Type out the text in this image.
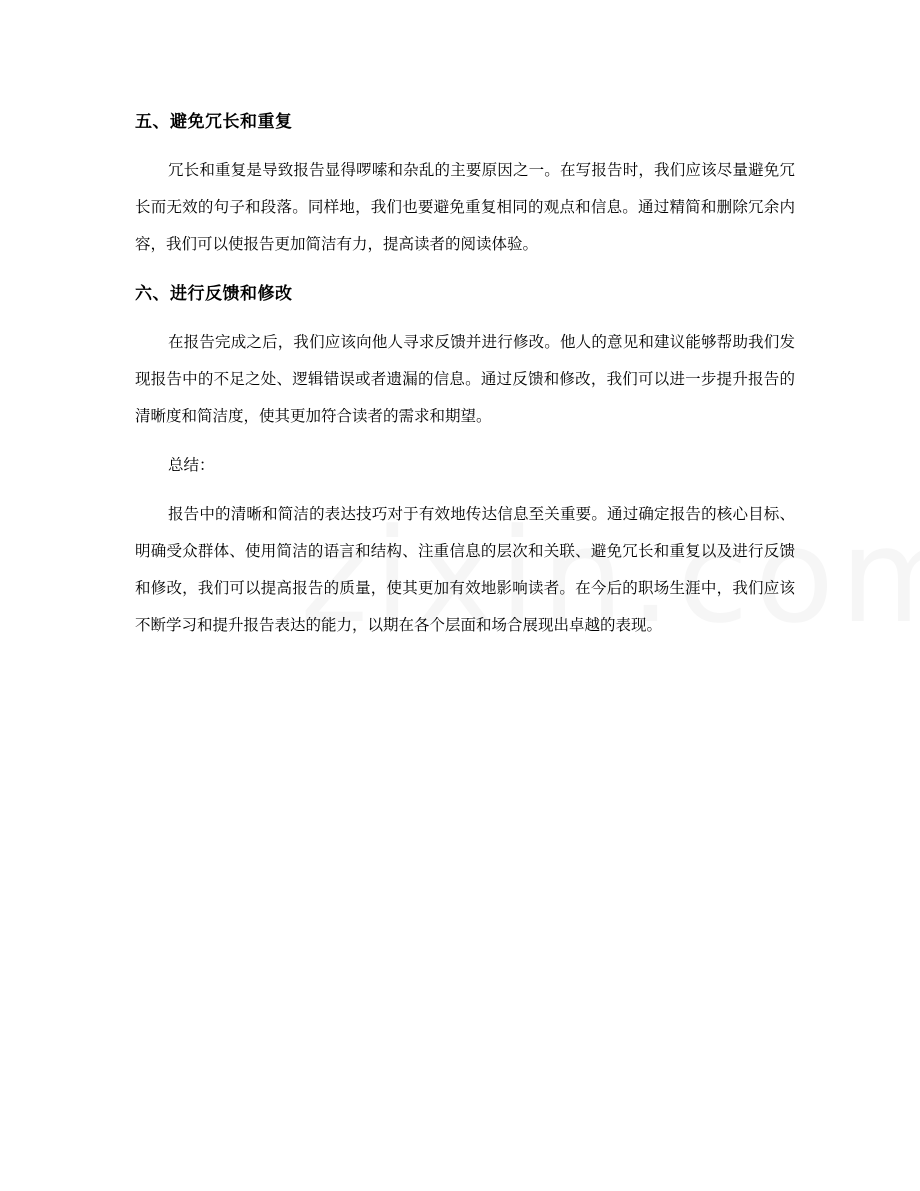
五、避免冗长和重复

冗长和重复是导致报告显得啰嗦和杂乱的主要原因之一。在写报告时，我们应该尽量避免冗长而无效的句子和段落。同样地，我们也要避免重复相同的观点和信息。通过精简和删除冗余内容，我们可以使报告更加简洁有力，提高读者的阅读体验。

六、进行反馈和修改

在报告完成之后，我们应该向他人寻求反馈并进行修改。他人的意见和建议能够帮助我们发现报告中的不足之处、逻辑错误或者遗漏的信息。通过反馈和修改，我们可以进一步提升报告的清晰度和简洁度，使其更加符合读者的需求和期望。

总结：

报告中的清晰和简洁的表达技巧对于有效地传达信息至关重要。通过确定报告的核心目标、明确受众群体、使用简洁的语言和结构、注重信息的层次和关联、避免冗长和重复以及进行反馈和修改，我们可以提高报告的质量，使其更加有效地影响读者。在今后的职场生涯中，我们应该不断学习和提升报告表达的能力，以期在各个层面和场合展现出卓越的表现。
